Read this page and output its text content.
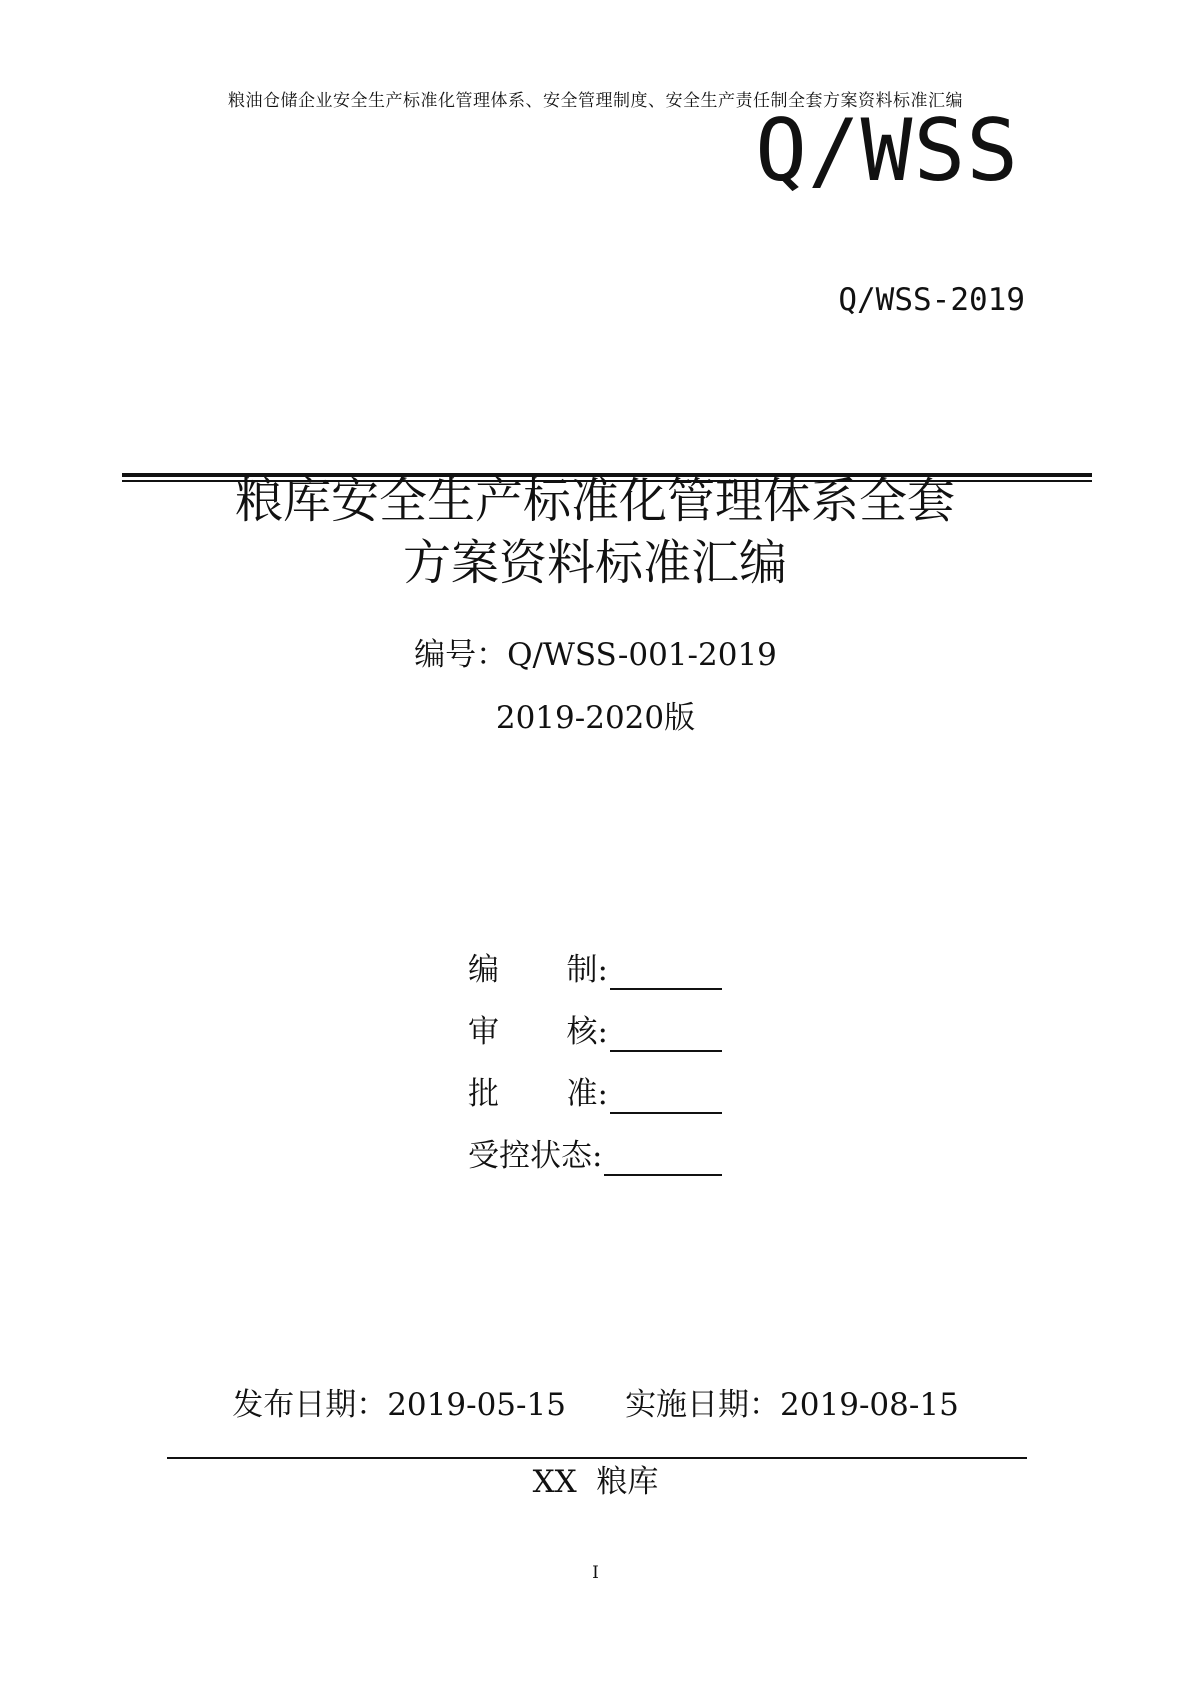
粮油仓储企业安全生产标准化管理体系、安全管理制度、安全生产责任制全套方案资料标准汇编
Q/WSS
Q/WSS-2019
粮库安全生产标准化管理体系全套
方案资料标准汇编
编号：Q/WSS-001-2019
2019-2020版
编 制:
审 核:
批 准:
受控状态:
发布日期：2019-05-15 实施日期：2019-08-15
XX  粮库
I
